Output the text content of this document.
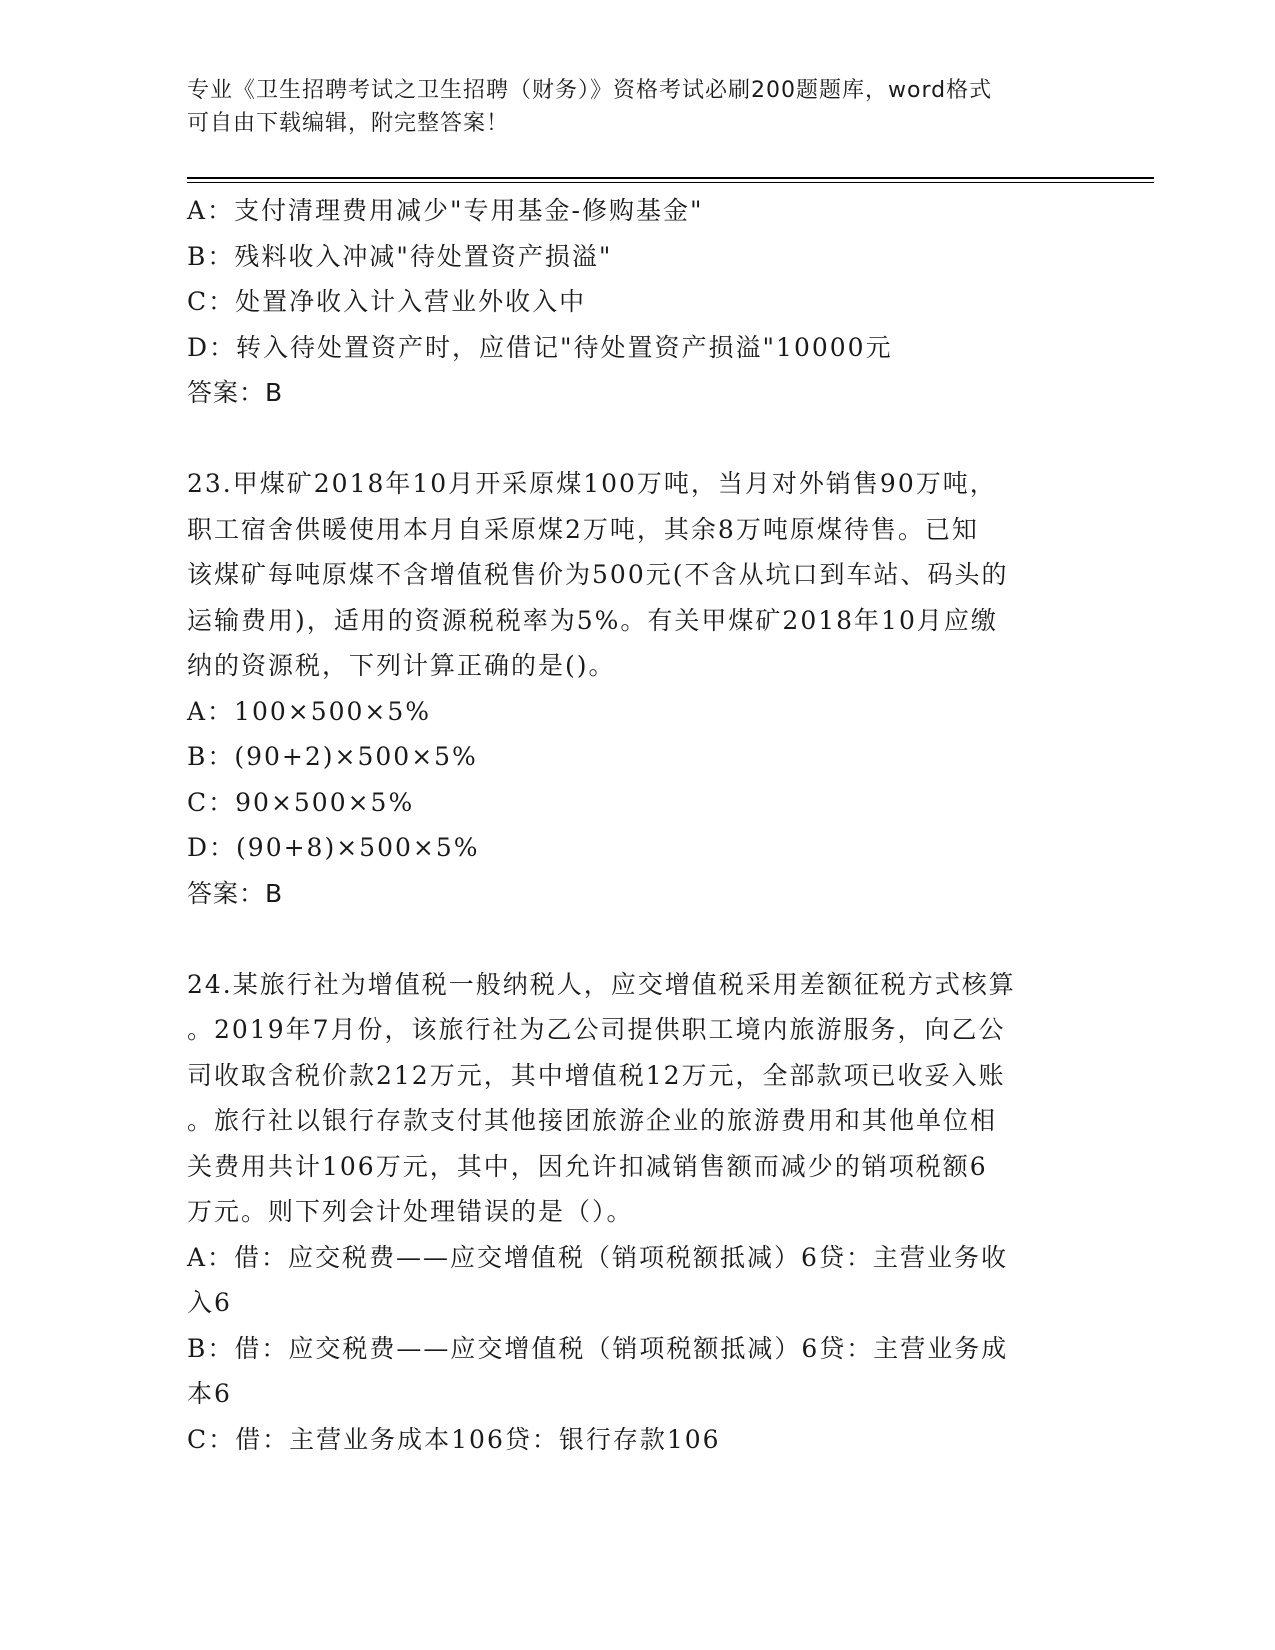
专业《卫生招聘考试之卫生招聘（财务）》资格考试必刷200题题库，word格式
可自由下载编辑，附完整答案！
A：支付清理费用减少"专用基金-修购基金"
B：残料收入冲减"待处置资产损溢"
C：处置净收入计入营业外收入中
D：转入待处置资产时，应借记"待处置资产损溢"10000元
答案：B
23.甲煤矿2018年10月开采原煤100万吨，当月对外销售90万吨，
职工宿舍供暖使用本月自采原煤2万吨，其余8万吨原煤待售。已知
该煤矿每吨原煤不含增值税售价为500元(不含从坑口到车站、码头的
运输费用)，适用的资源税税率为5%。有关甲煤矿2018年10月应缴
纳的资源税，下列计算正确的是()。
A：100×500×5%
B：(90+2)×500×5%
C：90×500×5%
D：(90+8)×500×5%
答案：B
24.某旅行社为增值税一般纳税人，应交增值税采用差额征税方式核算
。2019年7月份，该旅行社为乙公司提供职工境内旅游服务，向乙公
司收取含税价款212万元，其中增值税12万元，全部款项已收妥入账
。旅行社以银行存款支付其他接团旅游企业的旅游费用和其他单位相
关费用共计106万元，其中，因允许扣减销售额而减少的销项税额6
万元。则下列会计处理错误的是（）。
A：借：应交税费——应交增值税（销项税额抵减）6贷：主营业务收
入6
B：借：应交税费——应交增值税（销项税额抵减）6贷：主营业务成
本6
C：借：主营业务成本106贷：银行存款106
